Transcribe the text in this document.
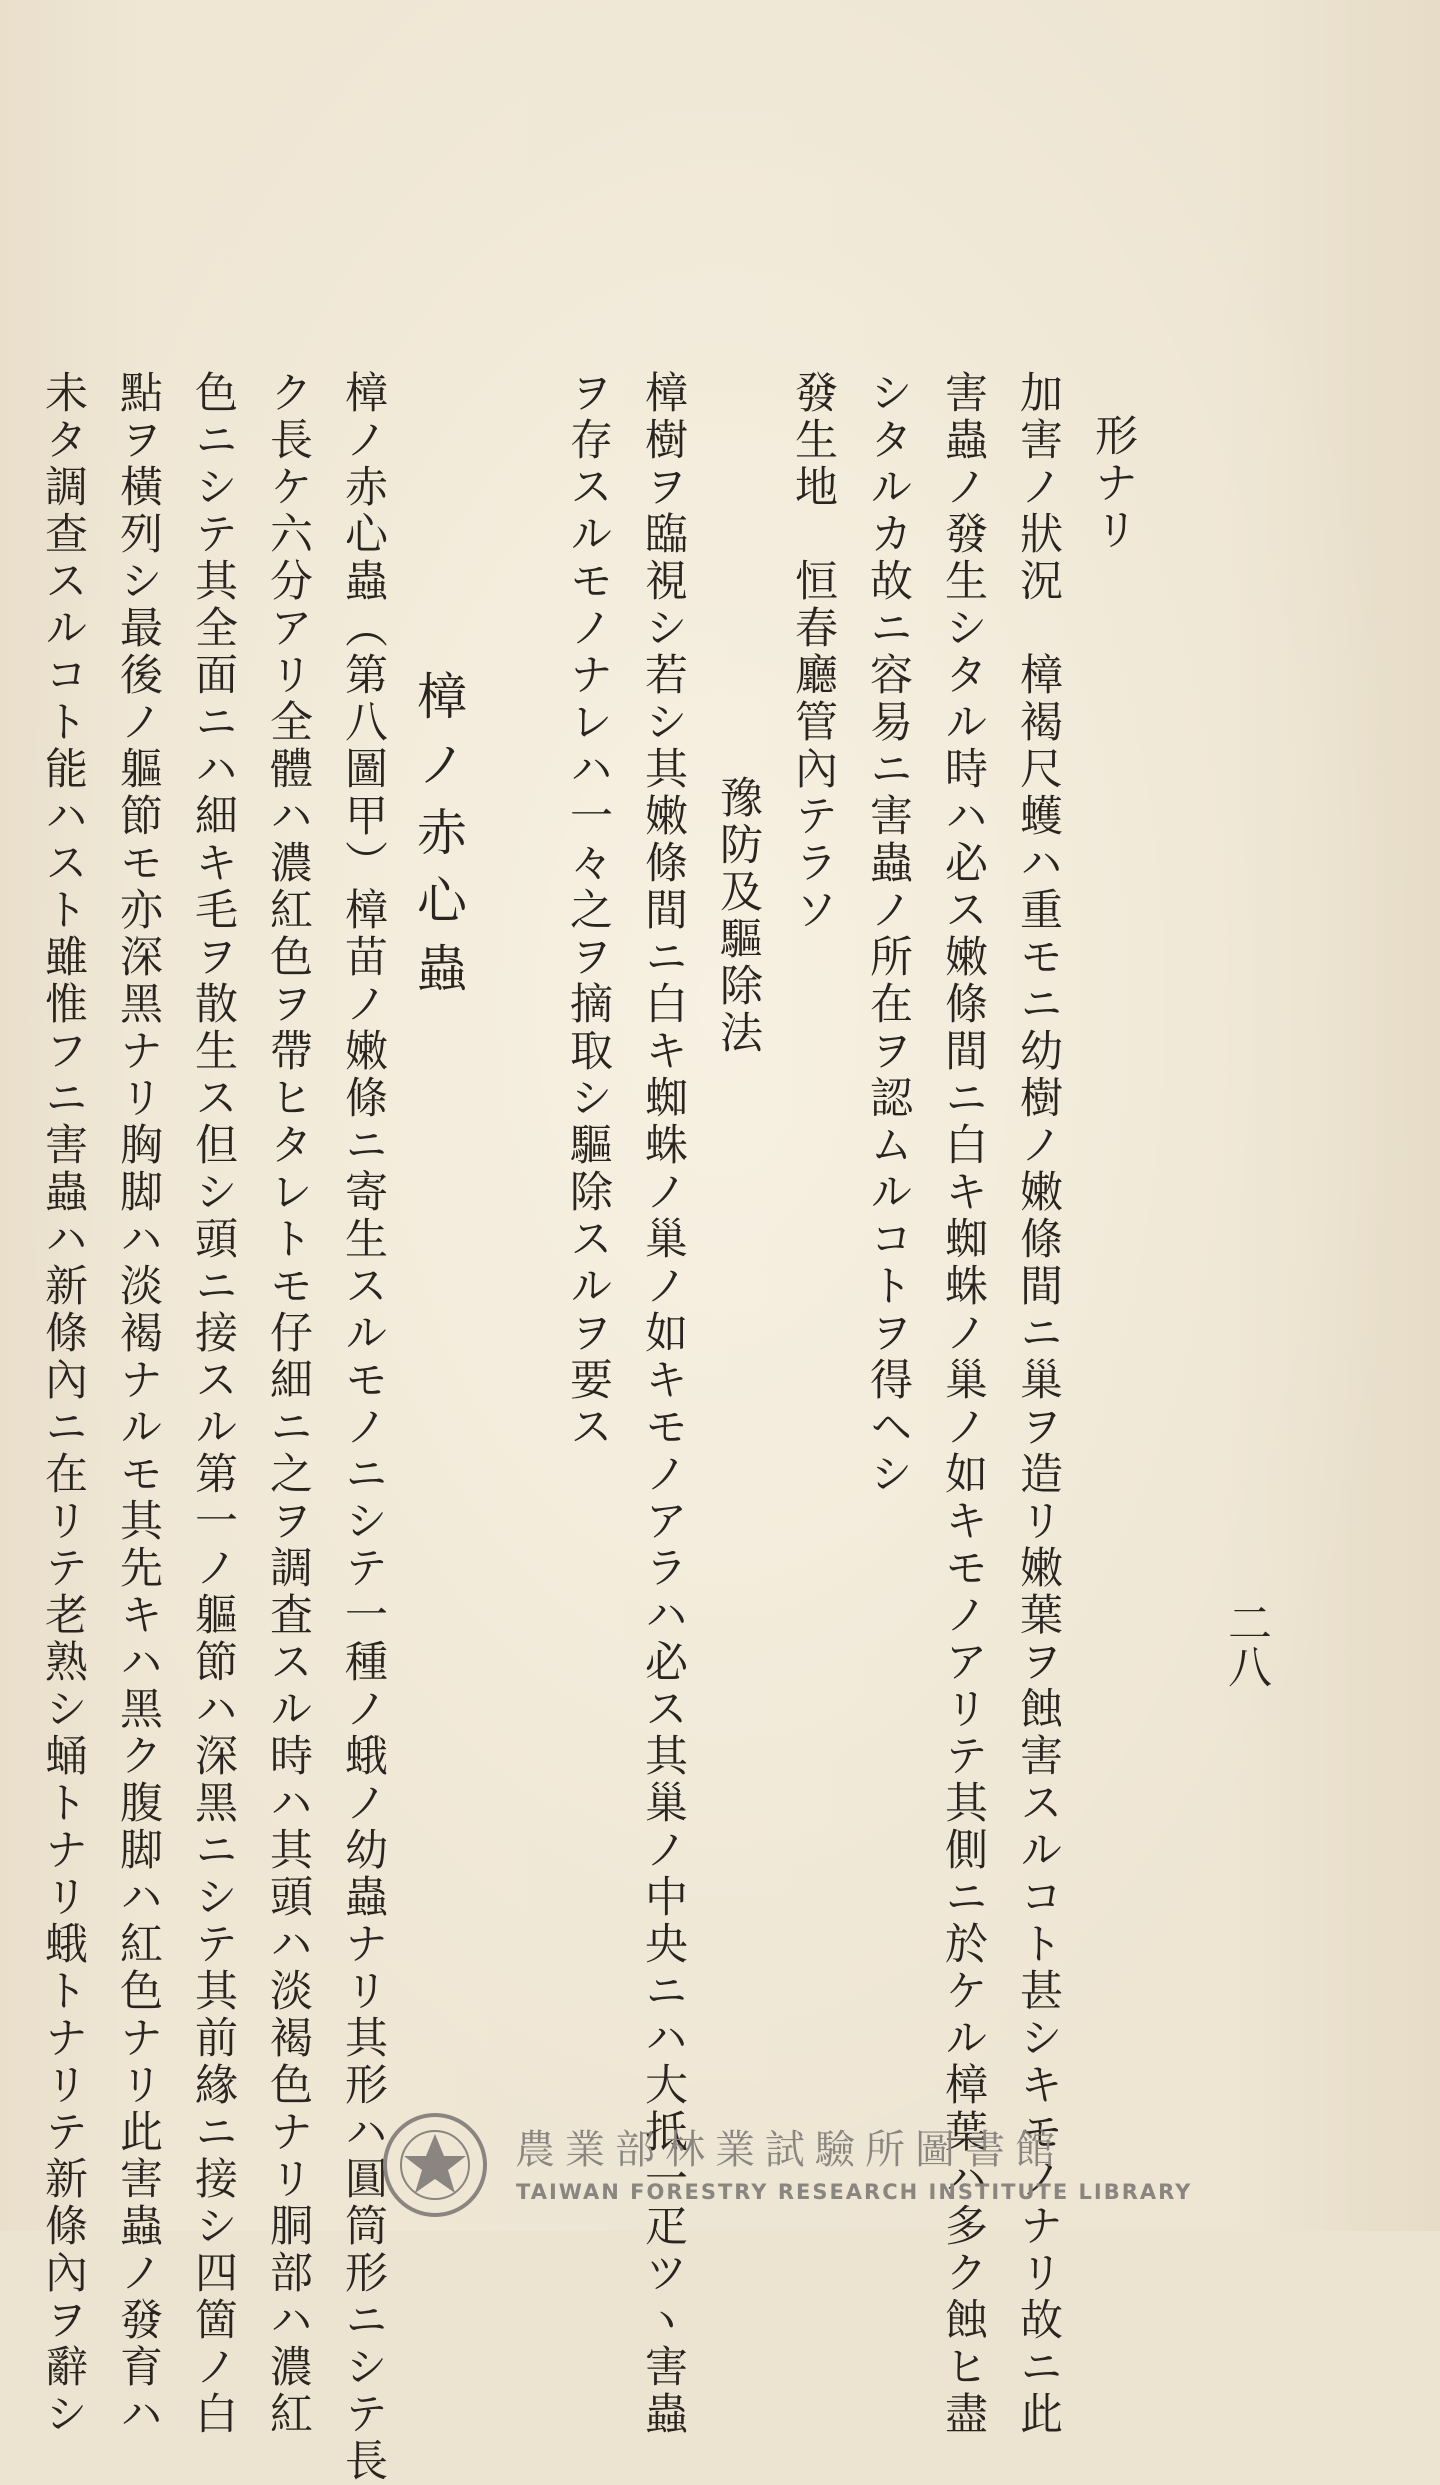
二八
形ナリ
加害ノ狀況　樟褐尺蠖ハ重モニ幼樹ノ嫩條間ニ巢ヲ造リ嫩葉ヲ蝕害スルコト甚シキモノナリ故ニ此
害蟲ノ發生シタル時ハ必ス嫩條間ニ白キ蜘蛛ノ巢ノ如キモノアリテ其側ニ於ケル樟葉ハ多ク蝕ヒ盡
シタルカ故ニ容易ニ害蟲ノ所在ヲ認ムルコトヲ得ヘシ
發生地　恒春廳管內テラソ
豫防及驅除法
樟樹ヲ臨視シ若シ其嫩條間ニ白キ蜘蛛ノ巢ノ如キモノアラハ必ス其巢ノ中央ニハ大抵一疋ツヽ害蟲
ヲ存スルモノナレハ一々之ヲ摘取シ驅除スルヲ要ス
樟ノ赤心蟲
樟ノ赤心蟲（第八圖甲）樟苗ノ嫩條ニ寄生スルモノニシテ一種ノ蛾ノ幼蟲ナリ其形ハ圓筒形ニシテ長
ク長ケ六分アリ全體ハ濃紅色ヲ帶ヒタレトモ仔細ニ之ヲ調査スル時ハ其頭ハ淡褐色ナリ胴部ハ濃紅
色ニシテ其全面ニハ細キ毛ヲ散生ス但シ頭ニ接スル第一ノ軀節ハ深黑ニシテ其前緣ニ接シ四箇ノ白
點ヲ橫列シ最後ノ軀節モ亦深黑ナリ胸脚ハ淡褐ナルモ其先キハ黑ク腹脚ハ紅色ナリ此害蟲ノ發育ハ
未タ調查スルコト能ハスト雖惟フニ害蟲ハ新條內ニ在リテ老熟シ蛹トナリ蛾トナリテ新條內ヲ辭シ	農業部林業試驗所圖書館
TAIWAN FORESTRY RESEARCH INSTITUTE LIBRARY
